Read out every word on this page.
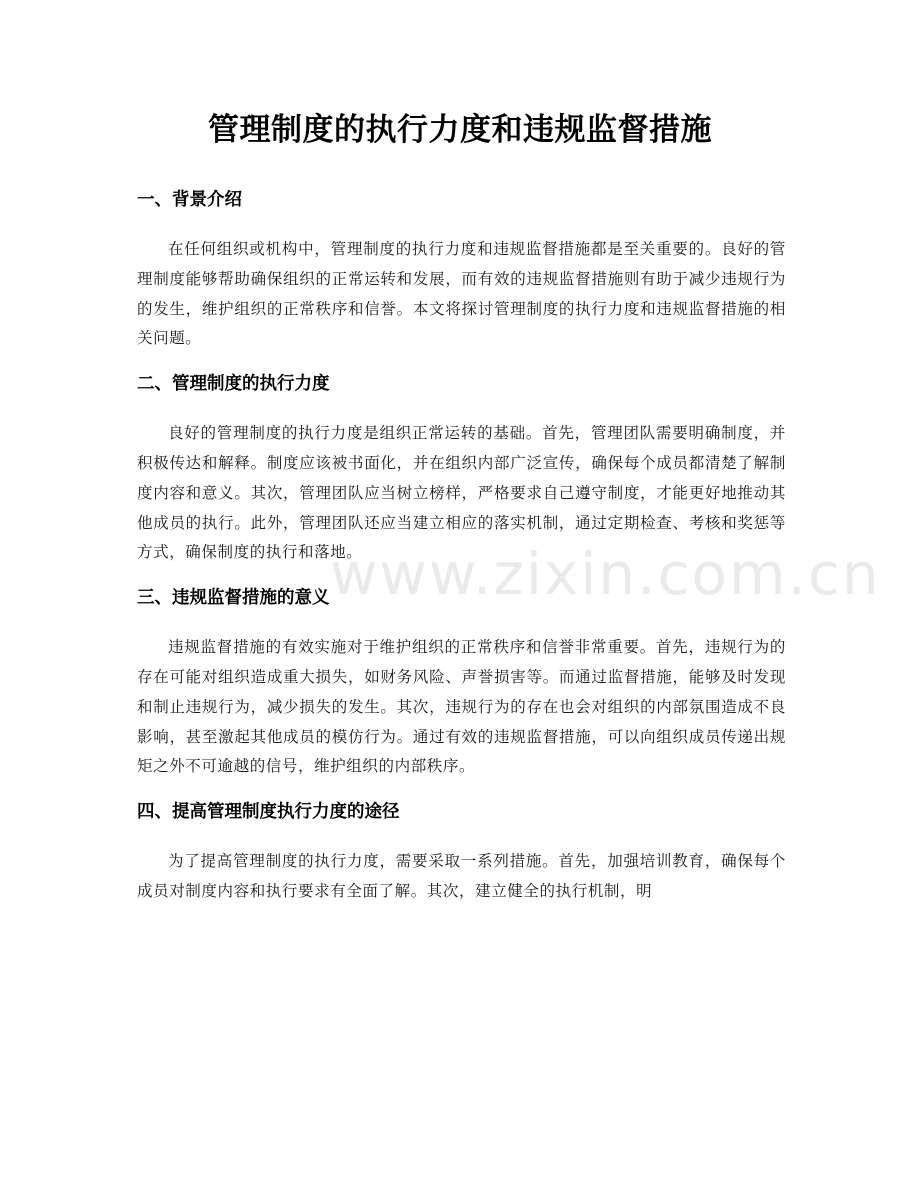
管理制度的执行力度和违规监督措施
www.zixin.com.cn
一、背景介绍

在任何组织或机构中，管理制度的执行力度和违规监督措施都是至关重要的。良好的管理制度能够帮助确保组织的正常运转和发展，而有效的违规监督措施则有助于减少违规行为的发生，维护组织的正常秩序和信誉。本文将探讨管理制度的执行力度和违规监督措施的相关问题。

二、管理制度的执行力度

良好的管理制度的执行力度是组织正常运转的基础。首先，管理团队需要明确制度，并积极传达和解释。制度应该被书面化，并在组织内部广泛宣传，确保每个成员都清楚了解制度内容和意义。其次，管理团队应当树立榜样，严格要求自己遵守制度，才能更好地推动其他成员的执行。此外，管理团队还应当建立相应的落实机制，通过定期检查、考核和奖惩等方式，确保制度的执行和落地。

三、违规监督措施的意义

违规监督措施的有效实施对于维护组织的正常秩序和信誉非常重要。首先，违规行为的存在可能对组织造成重大损失，如财务风险、声誉损害等。而通过监督措施，能够及时发现和制止违规行为，减少损失的发生。其次，违规行为的存在也会对组织的内部氛围造成不良影响，甚至激起其他成员的模仿行为。通过有效的违规监督措施，可以向组织成员传递出规矩之外不可逾越的信号，维护组织的内部秩序。

四、提高管理制度执行力度的途径

为了提高管理制度的执行力度，需要采取一系列措施。首先，加强培训教育，确保每个成员对制度内容和执行要求有全面了解。其次，建立健全的执行机制，明
